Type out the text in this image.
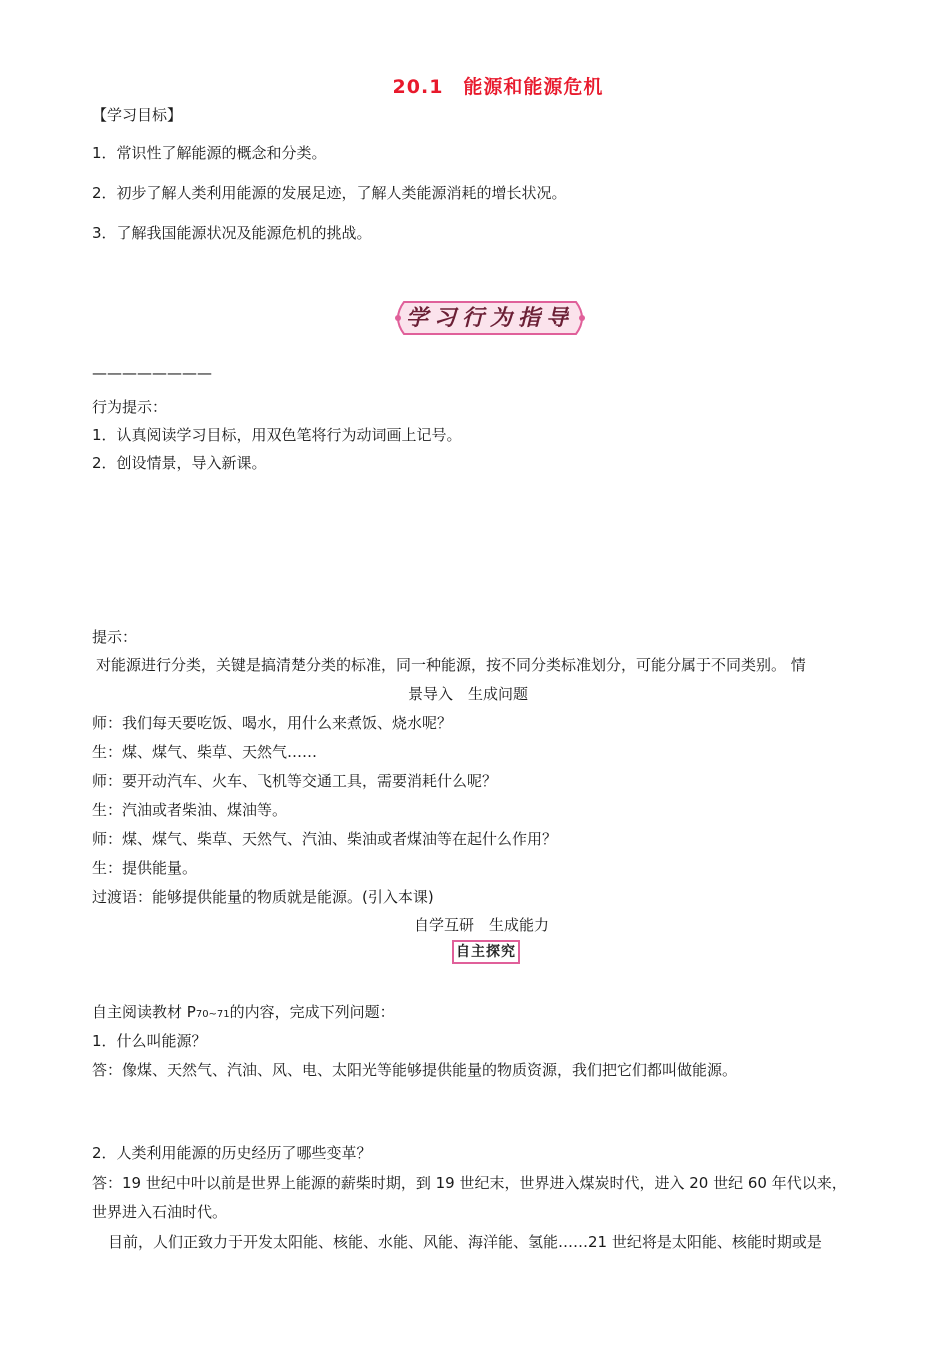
20.1　能源和能源危机
【学习目标】
1．常识性了解能源的概念和分类。
2．初步了解人类利用能源的发展足迹，了解人类能源消耗的增长状况。
3．了解我国能源状况及能源危机的挑战。
学习行为指导
————————
行为提示：
1．认真阅读学习目标，用双色笔将行为动词画上记号。
2．创设情景，导入新课。
提示：
对能源进行分类，关键是搞清楚分类的标准，同一种能源，按不同分类标准划分，可能分属于不同类别。 情
景导入　生成问题
师：我们每天要吃饭、喝水，用什么来煮饭、烧水呢？
生：煤、煤气、柴草、天然气……
师：要开动汽车、火车、飞机等交通工具，需要消耗什么呢？
生：汽油或者柴油、煤油等。
师：煤、煤气、柴草、天然气、汽油、柴油或者煤油等在起什么作用？
生：提供能量。
过渡语：能够提供能量的物质就是能源。(引入本课)
自学互研　生成能力
自主探究
自主阅读教材 P70~71的内容，完成下列问题：
1．什么叫能源？
答：像煤、天然气、汽油、风、电、太阳光等能够提供能量的物质资源，我们把它们都叫做能源。
2．人类利用能源的历史经历了哪些变革？
答：19 世纪中叶以前是世界上能源的薪柴时期，到 19 世纪末，世界进入煤炭时代，进入 20 世纪 60 年代以来，
世界进入石油时代。
目前，人们正致力于开发太阳能、核能、水能、风能、海洋能、氢能……21 世纪将是太阳能、核能时期或是
